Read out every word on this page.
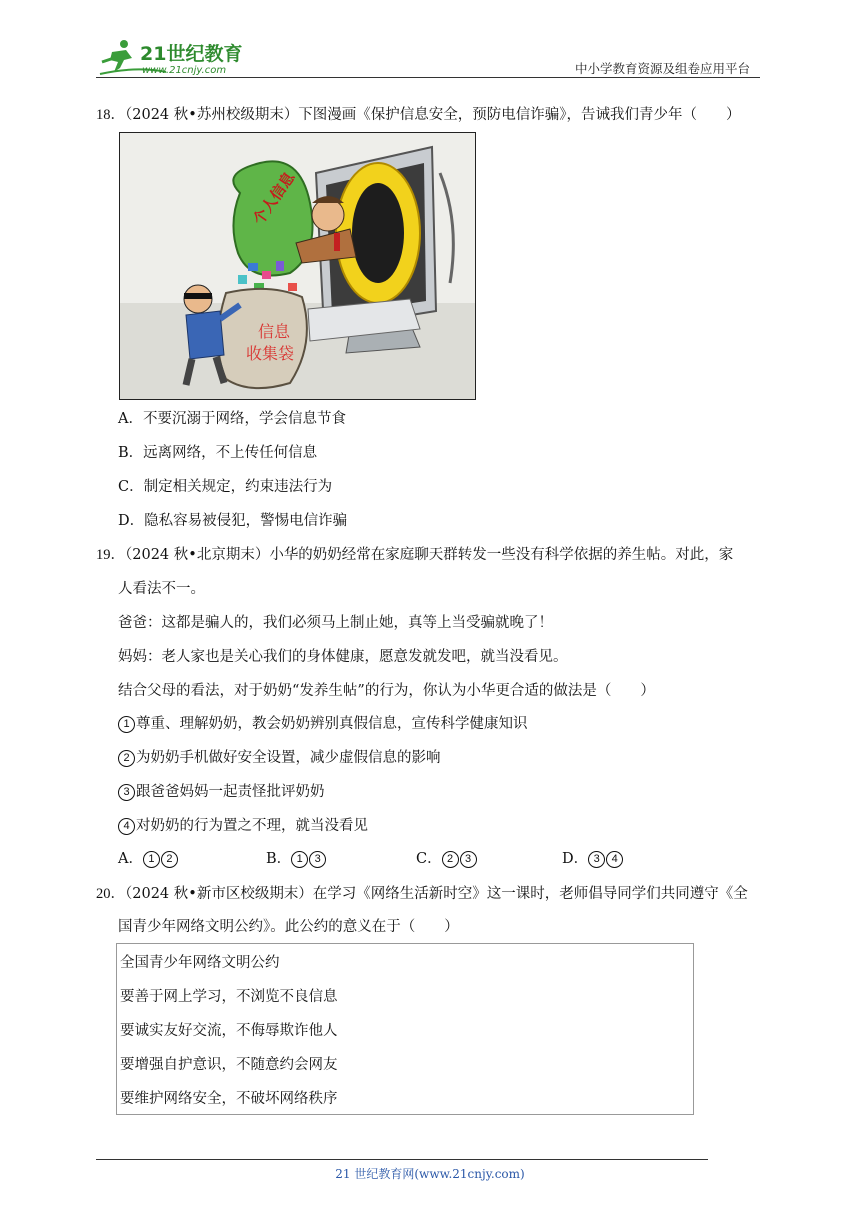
21世纪教育
www.21cnjy.com	中小学教育资源及组卷应用平台
18．（2024 秋•苏州校级期末）下图漫画《保护信息安全，预防电信诈骗》，告诫我们青少年（　　）
个人信息
信息
收集袋
A．不要沉溺于网络，学会信息节食
B．远离网络，不上传任何信息
C．制定相关规定，约束违法行为
D．隐私容易被侵犯，警惕电信诈骗
19．（2024 秋•北京期末）小华的奶奶经常在家庭聊天群转发一些没有科学依据的养生帖。对此，家
人看法不一。
爸爸：这都是骗人的，我们必须马上制止她，真等上当受骗就晚了！
妈妈：老人家也是关心我们的身体健康，愿意发就发吧，就当没看见。
结合父母的看法，对于奶奶“发养生帖”的行为，你认为小华更合适的做法是（　　）
1 尊重、理解奶奶，教会奶奶辨别真假信息，宣传科学健康知识
2 为奶奶手机做好安全设置，减少虚假信息的影响
3 跟爸爸妈妈一起责怪批评奶奶
4 对奶奶的行为置之不理，就当没看见
A． 1 2	B． 1 3	C． 2 3	D． 3 4
20．（2024 秋•新市区校级期末）在学习《网络生活新时空》这一课时，老师倡导同学们共同遵守《全
国青少年网络文明公约》。此公约的意义在于（　　）
全国青少年网络文明公约
要善于网上学习，不浏览不良信息
要诚实友好交流，不侮辱欺诈他人
要增强自护意识，不随意约会网友
要维护网络安全，不破坏网络秩序
21 世纪教育网(www.21cnjy.com)
